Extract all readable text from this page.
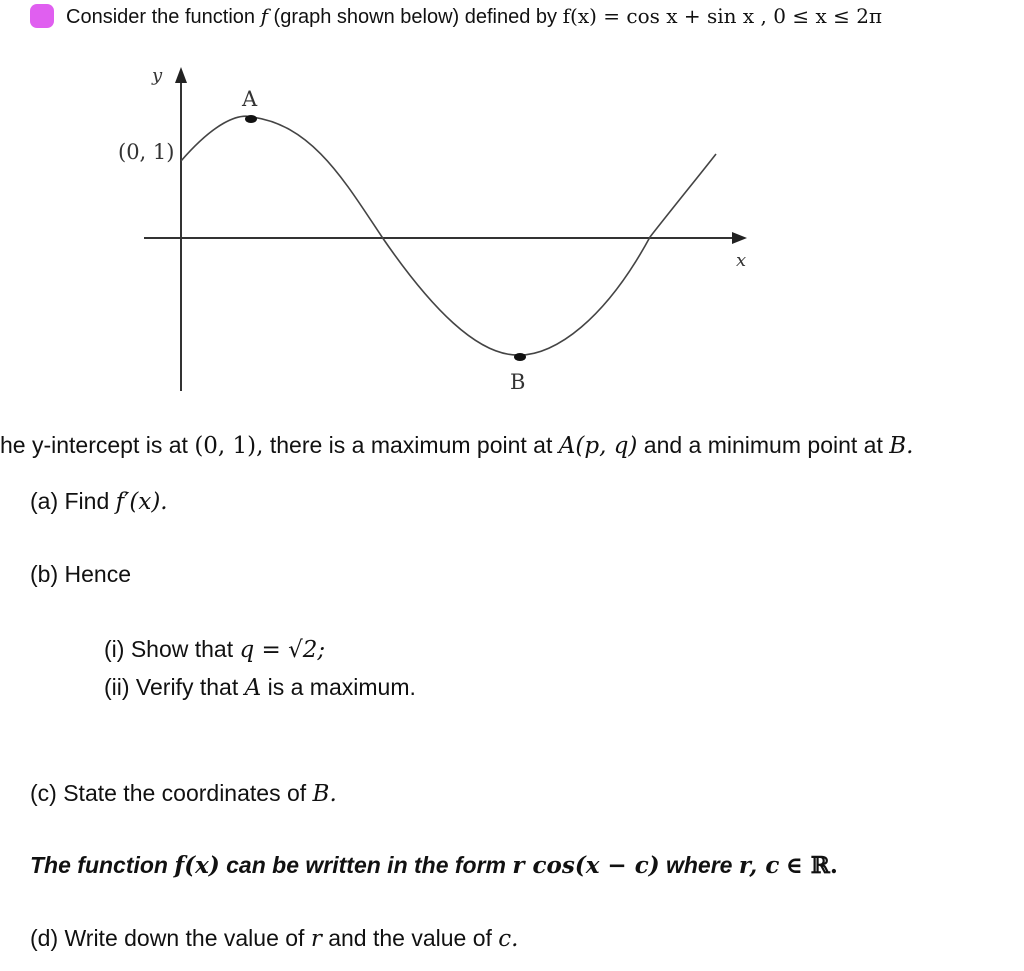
Consider the function f (graph shown below) defined by f(x) = cos x + sin x , 0 ≤ x ≤ 2π
y
x
(0, 1)
A
B
he y-intercept is at (0, 1), there is a maximum point at A(p, q) and a minimum point at B.
(a) Find f′(x).
(b) Hence
(i) Show that q = √2;
(ii) Verify that A is a maximum.
(c) State the coordinates of B.
The function f(x) can be written in the form r cos(x − c) where r, c ∈ ℝ.
(d) Write down the value of r and the value of c.
